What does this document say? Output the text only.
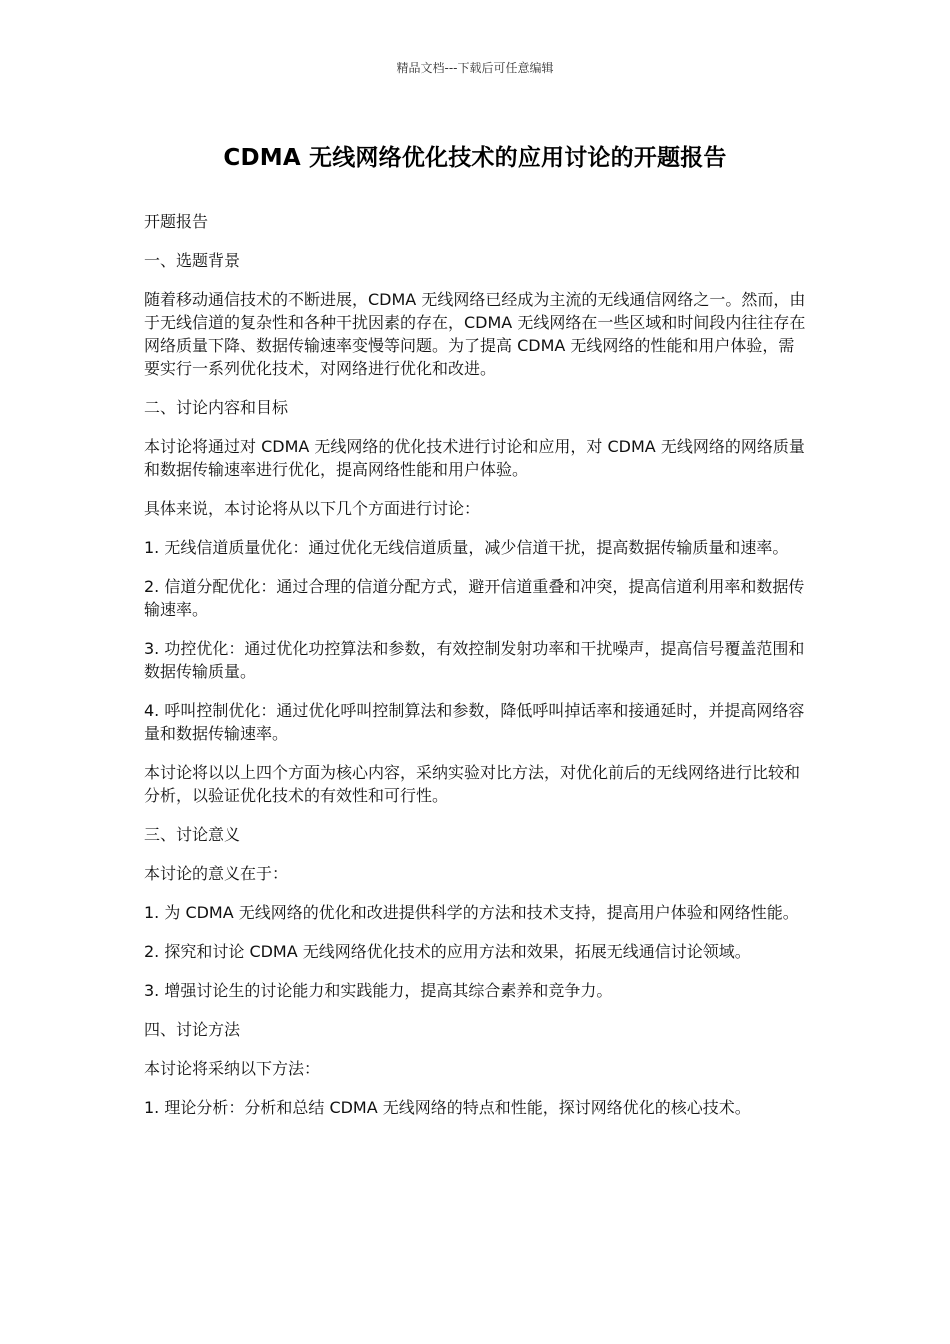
精品文档---下载后可任意编辑
CDMA 无线网络优化技术的应用讨论的开题报告

开题报告

一、选题背景

随着移动通信技术的不断进展，CDMA 无线网络已经成为主流的无线通信网络之一。然而，由于无线信道的复杂性和各种干扰因素的存在，CDMA 无线网络在一些区域和时间段内往往存在网络质量下降、数据传输速率变慢等问题。为了提高 CDMA 无线网络的性能和用户体验，需要实行一系列优化技术，对网络进行优化和改进。

二、讨论内容和目标

本讨论将通过对 CDMA 无线网络的优化技术进行讨论和应用，对 CDMA 无线网络的网络质量和数据传输速率进行优化，提高网络性能和用户体验。

具体来说，本讨论将从以下几个方面进行讨论：

1. 无线信道质量优化：通过优化无线信道质量，减少信道干扰，提高数据传输质量和速率。

2. 信道分配优化：通过合理的信道分配方式，避开信道重叠和冲突，提高信道利用率和数据传输速率。

3. 功控优化：通过优化功控算法和参数，有效控制发射功率和干扰噪声，提高信号覆盖范围和数据传输质量。

4. 呼叫控制优化：通过优化呼叫控制算法和参数，降低呼叫掉话率和接通延时，并提高网络容量和数据传输速率。

本讨论将以以上四个方面为核心内容，采纳实验对比方法，对优化前后的无线网络进行比较和分析，以验证优化技术的有效性和可行性。

三、讨论意义

本讨论的意义在于：

1. 为 CDMA 无线网络的优化和改进提供科学的方法和技术支持，提高用户体验和网络性能。

2. 探究和讨论 CDMA 无线网络优化技术的应用方法和效果，拓展无线通信讨论领域。

3. 增强讨论生的讨论能力和实践能力，提高其综合素养和竞争力。

四、讨论方法

本讨论将采纳以下方法：

1. 理论分析：分析和总结 CDMA 无线网络的特点和性能，探讨网络优化的核心技术。
